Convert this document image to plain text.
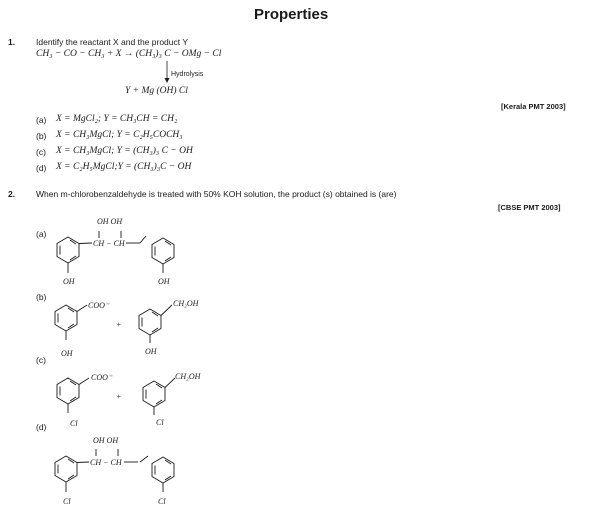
Properties
1. Identify the reactant X and the product Y
CH₃ − CO − CH₃ + X → (CH₃)₃ C − OMg − Cl
Hydrolysis
Y + Mg (OH) Cl
[Kerala PMT 2003]
(a) X = MgCl₂; Y = CH₃CH = CH₂
(b) X = CH₃MgCl; Y = C₂H₅COCH₃
(c) X = CH₃MgCl; Y = (CH₃)₃ C − OH
(d) X = C₂H₅MgCl;Y = (CH₃)₃C − OH
2. When m-chlorobenzaldehyde is treated with 50% KOH solution, the product (s) obtained is (are)
[CBSE PMT 2003]
(a)
OH OH
CH − CH
OH	OH
(b)
COO⁻
+
CH₂OH
OH	OH
(c)
COO⁻
+
CH₂OH
Cl	Cl
(d)
OH OH
CH − CH
Cl	Cl
